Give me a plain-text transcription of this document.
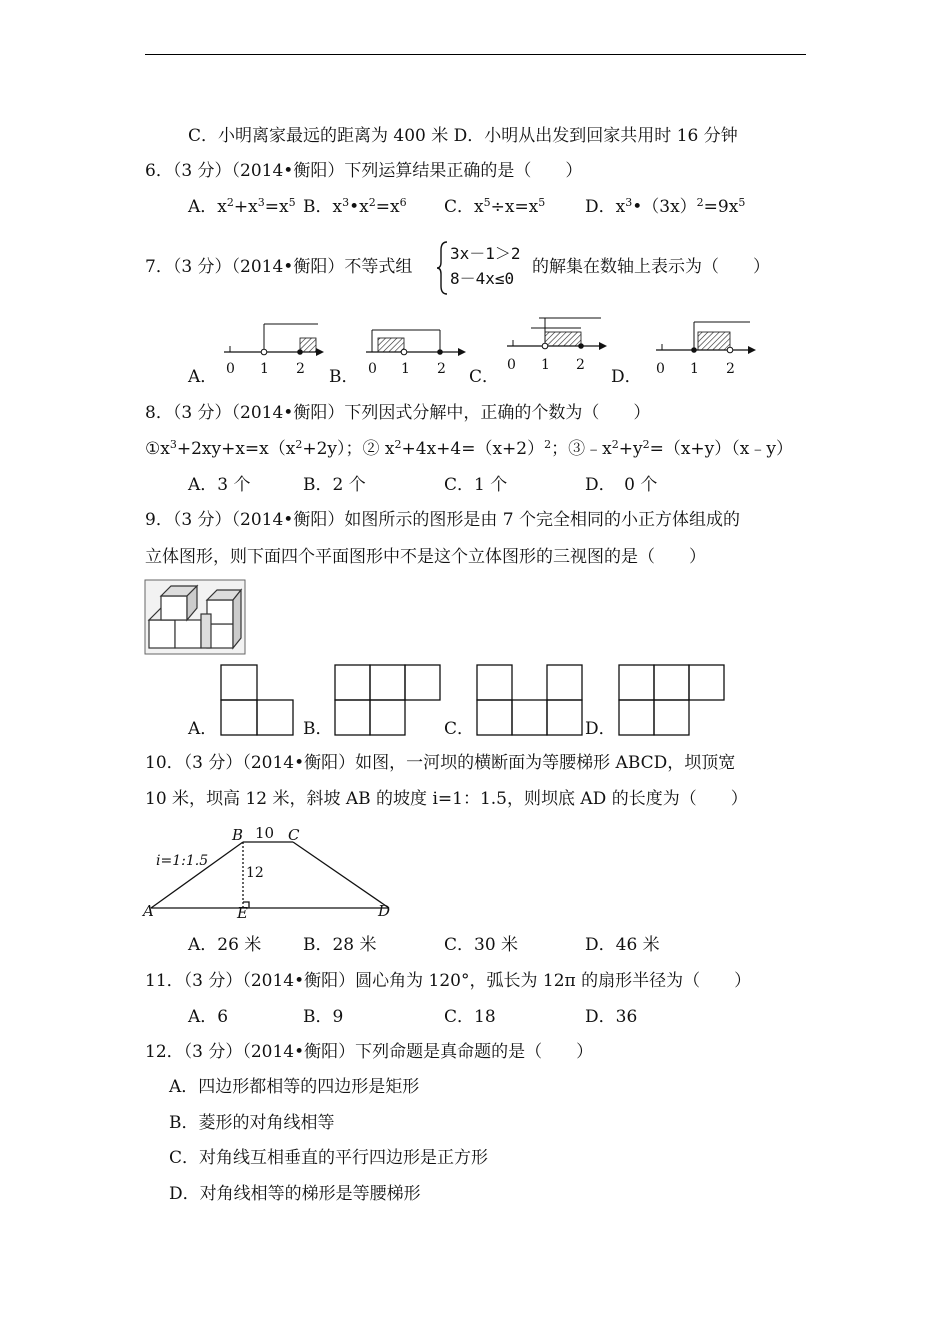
C．小明离家最远的距离为 400 米 D．小明从出发到回家共用时 16 分钟
6．（3 分）（2014•衡阳）下列运算结果正确的是（　　）
A．$x^2+x^3=x^5$ B．$x^3•x^2=x^6$ C．$x^5\div x=x^5$ D．$x^3•(3x)^2=9x^5$
7．（3 分）（2014•衡阳）不等式组
3x－1＞2
8－4x≤0
的解集在数轴上表示为（　　）
A． 0 1 2 B． 0 1 2 C．
0 1 2
D． 0 1 2
8．（3 分）（2014•衡阳）下列因式分解中，正确的个数为（　　）
$①x^3+2xy+x=x(x^2+2y)$；② $x^2+4x+4=(x+2)^2$；$③﹣x^2+y^2=(x+y)(x﹣y)$
A．3 个	B．2 个	C．1 个	D．　0 个
9．（3 分）（2014•衡阳）如图所示的图形是由 7 个完全相同的小正方体组成的
立体图形，则下面四个平面图形中不是这个立体图形的三视图的是（　　）
A．	B．	C．	D．
10．（3 分）（2014•衡阳）如图，一河坝的横断面为等腰梯形 ABCD，坝顶宽
10 米，坝高 12 米，斜坡 AB 的坡度 i=1：1.5，则坝底 AD 的长度为（　　）
B 10 C
i=1:1.5
12
A	E	D
A．26 米 B．28 米	C．30 米	D．46 米
11．（3 分）（2014•衡阳）圆心角为 120°，弧长为 12π 的扇形半径为（　　）
A．6	B．9	C．18	D．36
12．（3 分）（2014•衡阳）下列命题是真命题的是（　　）
A．四边形都相等的四边形是矩形
B．菱形的对角线相等
C．对角线互相垂直的平行四边形是正方形
D．对角线相等的梯形是等腰梯形
